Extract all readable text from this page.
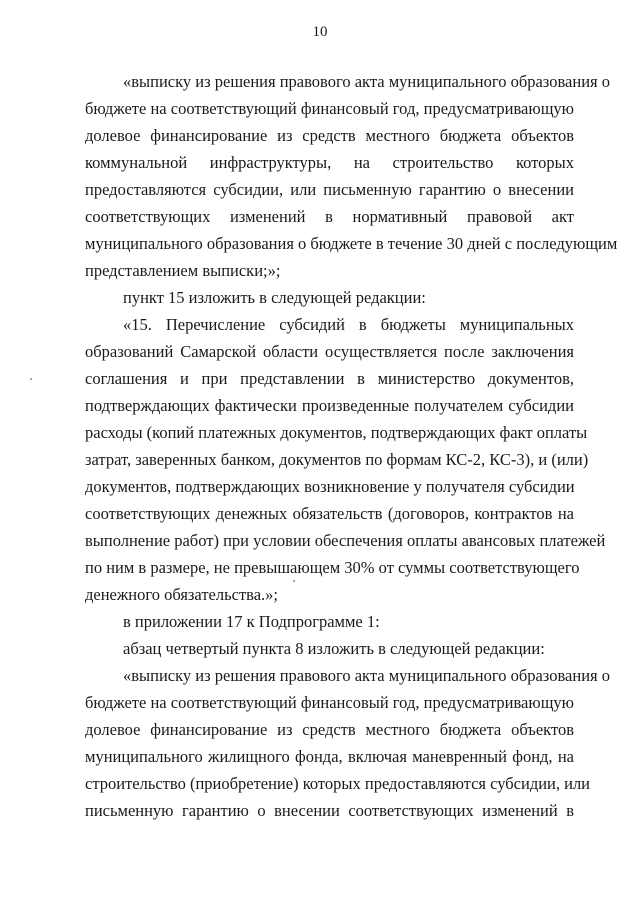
10
«выписку из решения правового акта муниципального образования о
бюджете на соответствующий финансовый год, предусматривающую
долевое финансирование из средств местного бюджета объектов
коммунальной инфраструктуры, на строительство которых
предоставляются субсидии, или письменную гарантию о внесении
соответствующих изменений в нормативный правовой акт
муниципального образования о бюджете в течение 30 дней с последующим
представлением выписки;»;
пункт 15 изложить в следующей редакции:
«15. Перечисление субсидий в бюджеты муниципальных
образований Самарской области осуществляется после заключения
соглашения и при представлении в министерство документов,
подтверждающих фактически произведенные получателем субсидии
расходы (копий платежных документов, подтверждающих факт оплаты
затрат, заверенных банком, документов по формам КС-2, КС-3), и (или)
документов, подтверждающих возникновение у получателя субсидии
соответствующих денежных обязательств (договоров, контрактов на
выполнение работ) при условии обеспечения оплаты авансовых платежей
по ним в размере, не превышающем 30% от суммы соответствующего
денежного обязательства.»;
в приложении 17 к Подпрограмме 1:
абзац четвертый пункта 8 изложить в следующей редакции:
«выписку из решения правового акта муниципального образования о
бюджете на соответствующий финансовый год, предусматривающую
долевое финансирование из средств местного бюджета объектов
муниципального жилищного фонда, включая маневренный фонд, на
строительство (приобретение) которых предоставляются субсидии, или
письменную гарантию о внесении соответствующих изменений в
